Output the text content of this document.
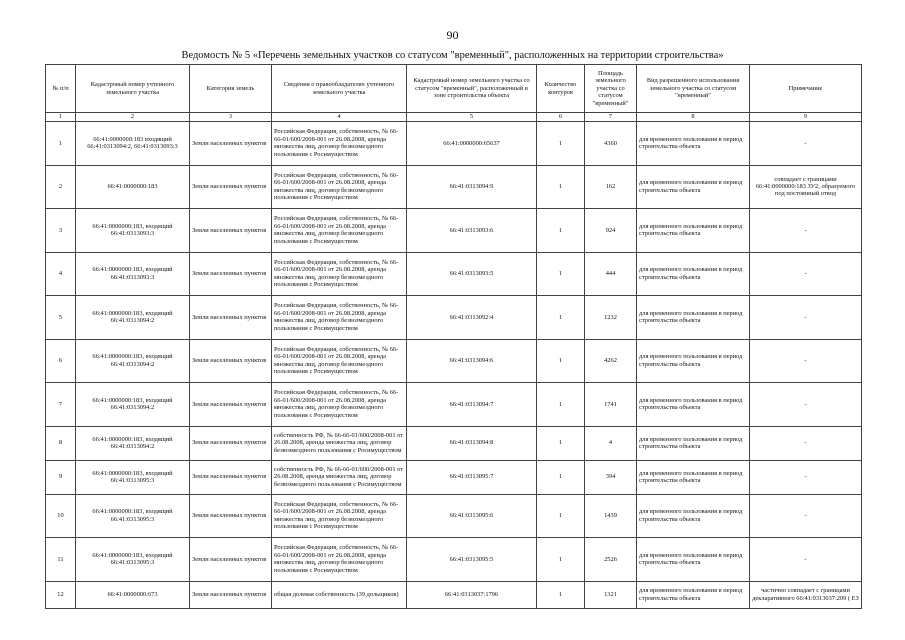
90
Ведомость № 5 «Перечень земельных участков со статусом "временный", расположенных на территории строительства»
№ п/п	Кадастровый номер учтенного земельного участка	Категория земель	Сведения о правообладателях учтенного земельного участка	Кадастровый номер земельного участка со статусом "временный", расположенный в зоне строительства объекта	Количество контуров	Площадь земельного участка со статусом "временный"	Вид разрешенного использования земельного участка со статусом "временный"	Примечание
1	2	3	4	5	6	7	8	9
1	66:41:0000000:183 входящий 66:41:0313094:2, 66:41:0313093:3	Земли населенных пунктов	Российская Федерация, собственность, № 66-66-01/600/2008-001 от 26.08.2008, аренда множества лиц, договор безвозмездного пользования с Росимуществом	66:41:0000000:65637	1	4360	для временного пользования в период строительства объекта	-
2	66:41:0000000:183	Земли населенных пунктов	Российская Федерация, собственность, № 66-66-01/600/2008-001 от 26.08.2008, аренда множества лиц, договор безвозмездного пользования с Росимуществом	66:41:0313094:9	1	162	для временного пользования в период строительства объекта	совпадает с границами 66:41:0000000:183 ЗУ2, образуемого под постоянный отвод
3	66:41:0000000:183, входящий 66:41:0313093:3	Земли населенных пунктов	Российская Федерация, собственность, № 66-66-01/600/2008-001 от 26.08.2008, аренда множества лиц, договор безвозмездного пользования с Росимуществом	66:41:0313093:6	1	924	для временного пользования в период строительства объекта	-
4	66:41:0000000:183, входящий 66:41:0313093:3	Земли населенных пунктов	Российская Федерация, собственность, № 66-66-01/600/2008-001 от 26.08.2008, аренда множества лиц, договор безвозмездного пользования с Росимуществом	66:41:0313093:5	1	444	для временного пользования в период строительства объекта	-
5	66:41:0000000:183, входящий 66:41:0313094:2	Земли населенных пунктов	Российская Федерация, собственность, № 66-66-01/600/2008-001 от 26.08.2008, аренда множества лиц, договор безвозмездного пользования с Росимуществом	66:41:0313092:4	1	1232	для временного пользования в период строительства объекта	-
6	66:41:0000000:183, входящий 66:41:0313094:2	Земли населенных пунктов	Российская Федерация, собственность, № 66-66-01/600/2008-001 от 26.08.2008, аренда множества лиц, договор безвозмездного пользования с Росимуществом	66:41:0313094:6	1	4262	для временного пользования в период строительства объекта	-
7	66:41:0000000:183, входящий 66:41:0313094:2	Земли населенных пунктов	Российская Федерация, собственность, № 66-66-01/600/2008-001 от 26.08.2008, аренда множества лиц, договор безвозмездного пользования с Росимуществом	66:41:0313094:7	1	1741	для временного пользования в период строительства объекта	-
8	66:41:0000000:183, входящий 66:41:0313094:2	Земли населенных пунктов	собственность РФ, № 66-66-01/600/2008-001 от 26.08.2008, аренда множества лиц, договор безвозмездного пользования с Росимуществом	66:41:0313094:8	1	4	для временного пользования в период строительства объекта	-
9	66:41:0000000:183, входящий 66:41:0313095:3	Земли населенных пунктов	собственность РФ, № 66-66-01/600/2008-001 от 26.08.2008, аренда множества лиц, договор безвозмездного пользования с Росимуществом	66:41:0313095:7	1	394	для временного пользования в период строительства объекта	-
10	66:41:0000000:183, входящий 66:41:0313095:3	Земли населенных пунктов	Российская Федерация, собственность, № 66-66-01/600/2008-001 от 26.08.2008, аренда множества лиц, договор безвозмездного пользования с Росимуществом	66:41:0313095:6	1	1439	для временного пользования в период строительства объекта	-
11	66:41:0000000:183, входящий 66:41:0313095:3	Земли населенных пунктов	Российская Федерация, собственность, № 66-66-01/600/2008-001 от 26.08.2008, аренда множества лиц, договор безвозмездного пользования с Росимуществом	66:41:0313095:5	1	2526	для временного пользования в период строительства объекта	-
12	66:41:0000000:673	Земли населенных пунктов	общая долевая собственность (39 дольщиков)	66:41:0313037:1796	1	1321	для временного пользования в период строительства объекта	частично совпадает с границами декларативного 66:41:0313037:209 ( ЕЗ
